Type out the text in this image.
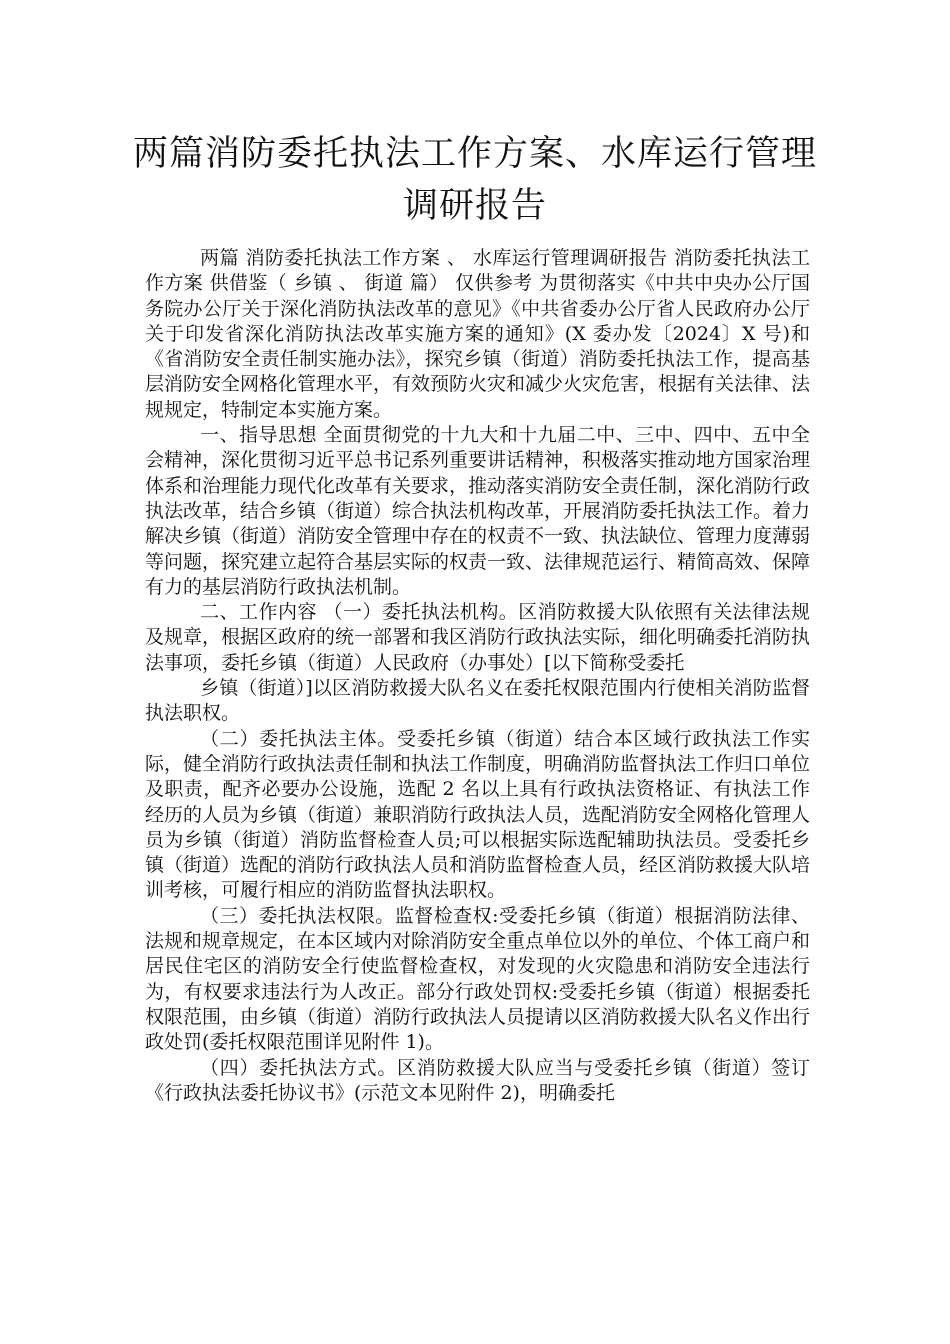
两篇消防委托执法工作方案、水库运行管理调研报告

两篇 消防委托执法工作方案 、 水库运行管理调研报告 消防委托执法工作方案 供借鉴（ 乡镇 、 街道 篇） 仅供参考 为贯彻落实《中共中央办公厅国务院办公厅关于深化消防执法改革的意见》《中共省委办公厅省人民政府办公厅关于印发省深化消防执法改革实施方案的通知》(X 委办发〔2024〕X 号)和《省消防安全责任制实施办法》，探究乡镇（街道）消防委托执法工作，提高基层消防安全网格化管理水平，有效预防火灾和减少火灾危害，根据有关法律、法规规定，特制定本实施方案。

一、指导思想 全面贯彻党的十九大和十九届二中、三中、四中、五中全会精神，深化贯彻习近平总书记系列重要讲话精神，积极落实推动地方国家治理体系和治理能力现代化改革有关要求，推动落实消防安全责任制，深化消防行政执法改革，结合乡镇（街道）综合执法机构改革，开展消防委托执法工作。着力解决乡镇（街道）消防安全管理中存在的权责不一致、执法缺位、管理力度薄弱等问题，探究建立起符合基层实际的权责一致、法律规范运行、精简高效、保障有力的基层消防行政执法机制。

二、工作内容 （一）委托执法机构。区消防救援大队依照有关法律法规及规章，根据区政府的统一部署和我区消防行政执法实际，细化明确委托消防执法事项，委托乡镇（街道）人民政府（办事处）[以下简称受委托

乡镇（街道）]以区消防救援大队名义在委托权限范围内行使相关消防监督执法职权。

（二）委托执法主体。受委托乡镇（街道）结合本区域行政执法工作实际，健全消防行政执法责任制和执法工作制度，明确消防监督执法工作归口单位及职责，配齐必要办公设施，选配 2 名以上具有行政执法资格证、有执法工作经历的人员为乡镇（街道）兼职消防行政执法人员，选配消防安全网格化管理人员为乡镇（街道）消防监督检查人员;可以根据实际选配辅助执法员。受委托乡镇（街道）选配的消防行政执法人员和消防监督检查人员，经区消防救援大队培训考核，可履行相应的消防监督执法职权。

（三）委托执法权限。监督检查权:受委托乡镇（街道）根据消防法律、法规和规章规定，在本区域内对除消防安全重点单位以外的单位、个体工商户和居民住宅区的消防安全行使监督检查权，对发现的火灾隐患和消防安全违法行为，有权要求违法行为人改正。部分行政处罚权:受委托乡镇（街道）根据委托权限范围，由乡镇（街道）消防行政执法人员提请以区消防救援大队名义作出行政处罚(委托权限范围详见附件 1)。

（四）委托执法方式。区消防救援大队应当与受委托乡镇（街道）签订《行政执法委托协议书》(示范文本见附件 2)，明确委托
